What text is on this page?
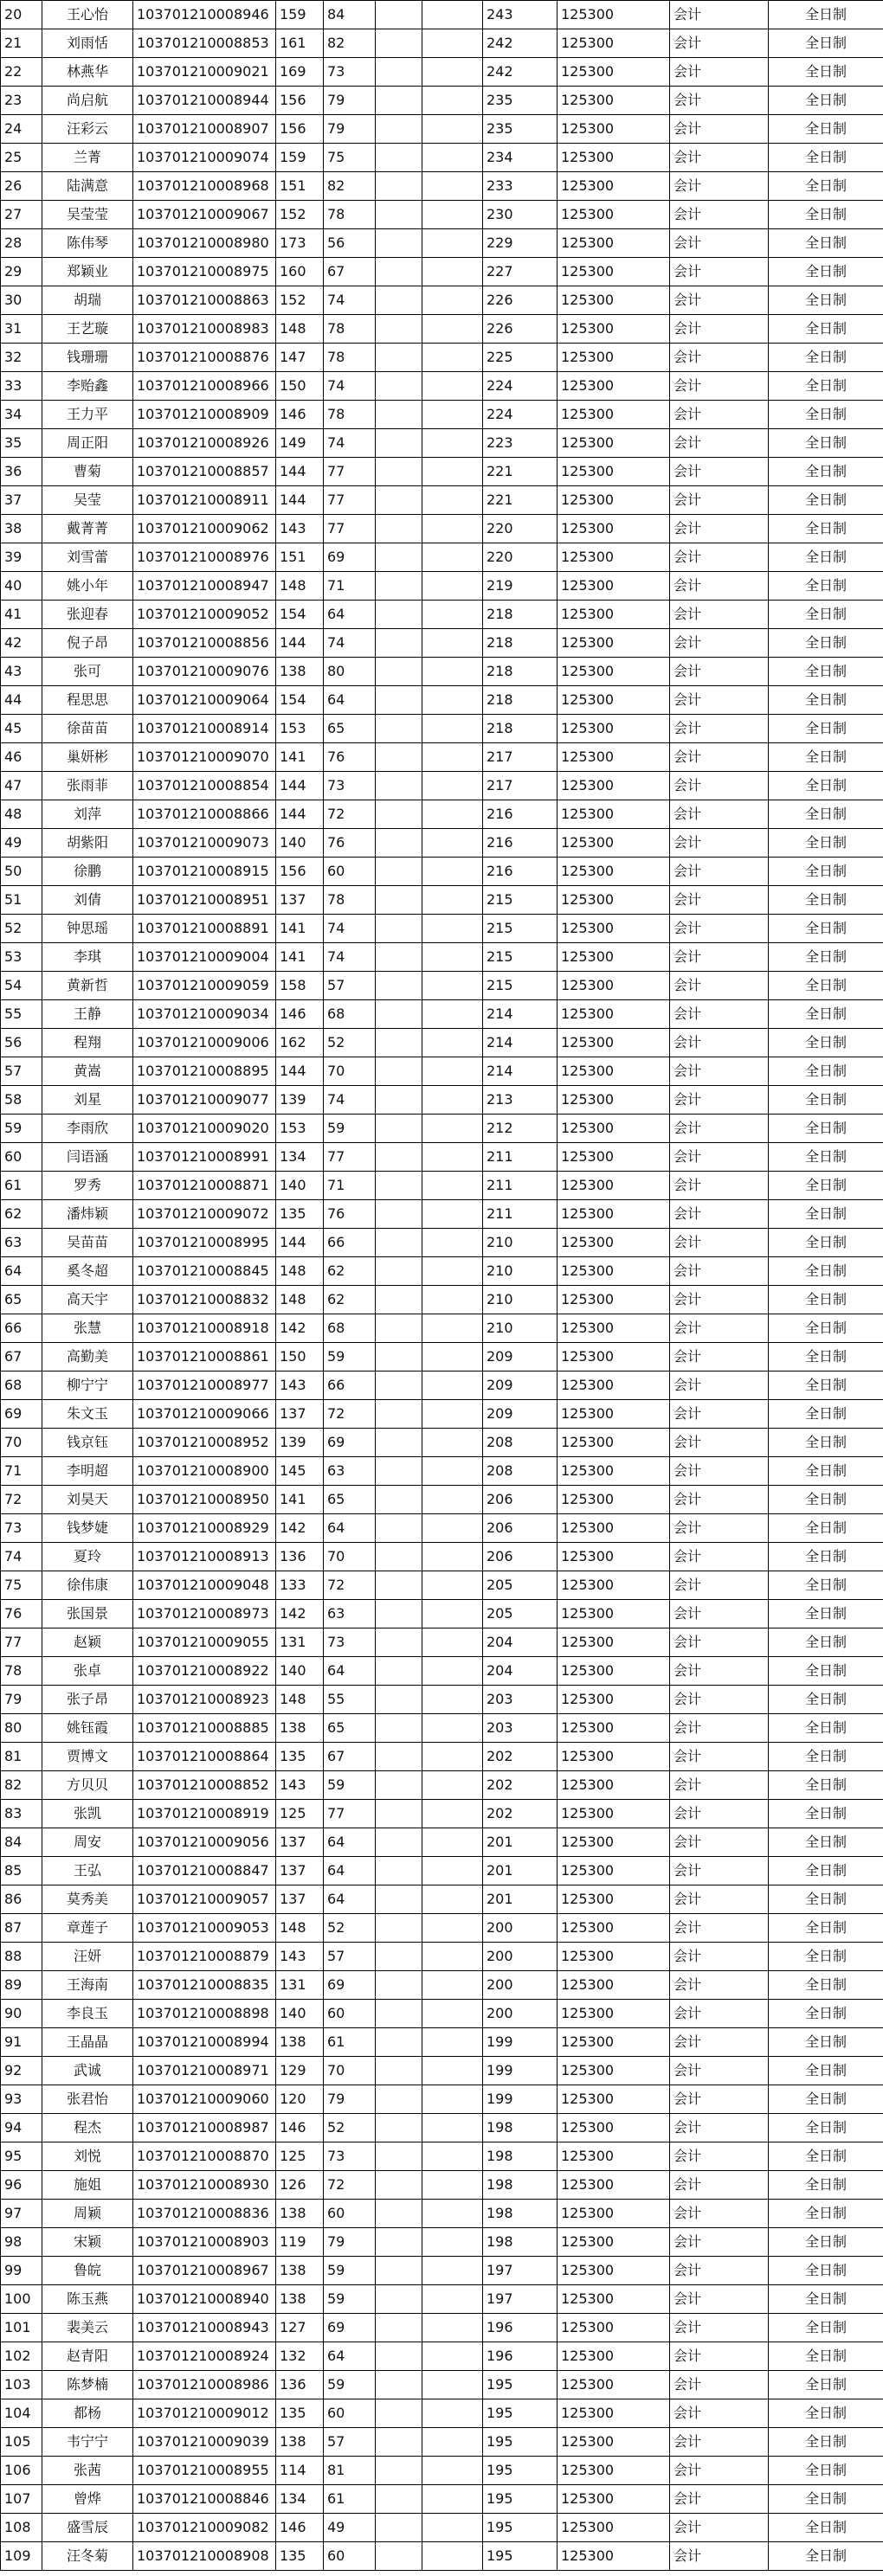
20	王心怡	103701210008946	159	84			243	125300	会计	全日制
21	刘雨恬	103701210008853	161	82			242	125300	会计	全日制
22	林燕华	103701210009021	169	73			242	125300	会计	全日制
23	尚启航	103701210008944	156	79			235	125300	会计	全日制
24	汪彩云	103701210008907	156	79			235	125300	会计	全日制
25	兰菁	103701210009074	159	75			234	125300	会计	全日制
26	陆满意	103701210008968	151	82			233	125300	会计	全日制
27	吴莹莹	103701210009067	152	78			230	125300	会计	全日制
28	陈伟琴	103701210008980	173	56			229	125300	会计	全日制
29	郑颖业	103701210008975	160	67			227	125300	会计	全日制
30	胡瑞	103701210008863	152	74			226	125300	会计	全日制
31	王艺璇	103701210008983	148	78			226	125300	会计	全日制
32	钱珊珊	103701210008876	147	78			225	125300	会计	全日制
33	李贻鑫	103701210008966	150	74			224	125300	会计	全日制
34	王力平	103701210008909	146	78			224	125300	会计	全日制
35	周正阳	103701210008926	149	74			223	125300	会计	全日制
36	曹菊	103701210008857	144	77			221	125300	会计	全日制
37	吴莹	103701210008911	144	77			221	125300	会计	全日制
38	戴菁菁	103701210009062	143	77			220	125300	会计	全日制
39	刘雪蕾	103701210008976	151	69			220	125300	会计	全日制
40	姚小年	103701210008947	148	71			219	125300	会计	全日制
41	张迎春	103701210009052	154	64			218	125300	会计	全日制
42	倪子昂	103701210008856	144	74			218	125300	会计	全日制
43	张可	103701210009076	138	80			218	125300	会计	全日制
44	程思思	103701210009064	154	64			218	125300	会计	全日制
45	徐苗苗	103701210008914	153	65			218	125300	会计	全日制
46	巢妍彬	103701210009070	141	76			217	125300	会计	全日制
47	张雨菲	103701210008854	144	73			217	125300	会计	全日制
48	刘萍	103701210008866	144	72			216	125300	会计	全日制
49	胡紫阳	103701210009073	140	76			216	125300	会计	全日制
50	徐鹏	103701210008915	156	60			216	125300	会计	全日制
51	刘倩	103701210008951	137	78			215	125300	会计	全日制
52	钟思瑶	103701210008891	141	74			215	125300	会计	全日制
53	李琪	103701210009004	141	74			215	125300	会计	全日制
54	黄新哲	103701210009059	158	57			215	125300	会计	全日制
55	王静	103701210009034	146	68			214	125300	会计	全日制
56	程翔	103701210009006	162	52			214	125300	会计	全日制
57	黄嵩	103701210008895	144	70			214	125300	会计	全日制
58	刘星	103701210009077	139	74			213	125300	会计	全日制
59	李雨欣	103701210009020	153	59			212	125300	会计	全日制
60	闫语涵	103701210008991	134	77			211	125300	会计	全日制
61	罗秀	103701210008871	140	71			211	125300	会计	全日制
62	潘炜颖	103701210009072	135	76			211	125300	会计	全日制
63	吴苗苗	103701210008995	144	66			210	125300	会计	全日制
64	奚冬超	103701210008845	148	62			210	125300	会计	全日制
65	高天宇	103701210008832	148	62			210	125300	会计	全日制
66	张慧	103701210008918	142	68			210	125300	会计	全日制
67	高勤美	103701210008861	150	59			209	125300	会计	全日制
68	柳宁宁	103701210008977	143	66			209	125300	会计	全日制
69	朱文玉	103701210009066	137	72			209	125300	会计	全日制
70	钱京钰	103701210008952	139	69			208	125300	会计	全日制
71	李明超	103701210008900	145	63			208	125300	会计	全日制
72	刘昊天	103701210008950	141	65			206	125300	会计	全日制
73	钱梦婕	103701210008929	142	64			206	125300	会计	全日制
74	夏玲	103701210008913	136	70			206	125300	会计	全日制
75	徐伟康	103701210009048	133	72			205	125300	会计	全日制
76	张国景	103701210008973	142	63			205	125300	会计	全日制
77	赵颖	103701210009055	131	73			204	125300	会计	全日制
78	张卓	103701210008922	140	64			204	125300	会计	全日制
79	张子昂	103701210008923	148	55			203	125300	会计	全日制
80	姚钰霞	103701210008885	138	65			203	125300	会计	全日制
81	贾博文	103701210008864	135	67			202	125300	会计	全日制
82	方贝贝	103701210008852	143	59			202	125300	会计	全日制
83	张凯	103701210008919	125	77			202	125300	会计	全日制
84	周安	103701210009056	137	64			201	125300	会计	全日制
85	王弘	103701210008847	137	64			201	125300	会计	全日制
86	莫秀美	103701210009057	137	64			201	125300	会计	全日制
87	章莲子	103701210009053	148	52			200	125300	会计	全日制
88	汪妍	103701210008879	143	57			200	125300	会计	全日制
89	王海南	103701210008835	131	69			200	125300	会计	全日制
90	李良玉	103701210008898	140	60			200	125300	会计	全日制
91	王晶晶	103701210008994	138	61			199	125300	会计	全日制
92	武诚	103701210008971	129	70			199	125300	会计	全日制
93	张君怡	103701210009060	120	79			199	125300	会计	全日制
94	程杰	103701210008987	146	52			198	125300	会计	全日制
95	刘悦	103701210008870	125	73			198	125300	会计	全日制
96	施姐	103701210008930	126	72			198	125300	会计	全日制
97	周颖	103701210008836	138	60			198	125300	会计	全日制
98	宋颖	103701210008903	119	79			198	125300	会计	全日制
99	鲁皖	103701210008967	138	59			197	125300	会计	全日制
100	陈玉燕	103701210008940	138	59			197	125300	会计	全日制
101	裴美云	103701210008943	127	69			196	125300	会计	全日制
102	赵青阳	103701210008924	132	64			196	125300	会计	全日制
103	陈梦楠	103701210008986	136	59			195	125300	会计	全日制
104	都杨	103701210009012	135	60			195	125300	会计	全日制
105	韦宁宁	103701210009039	138	57			195	125300	会计	全日制
106	张茜	103701210008955	114	81			195	125300	会计	全日制
107	曾烨	103701210008846	134	61			195	125300	会计	全日制
108	盛雪辰	103701210009082	146	49			195	125300	会计	全日制
109	汪冬菊	103701210008908	135	60			195	125300	会计	全日制
